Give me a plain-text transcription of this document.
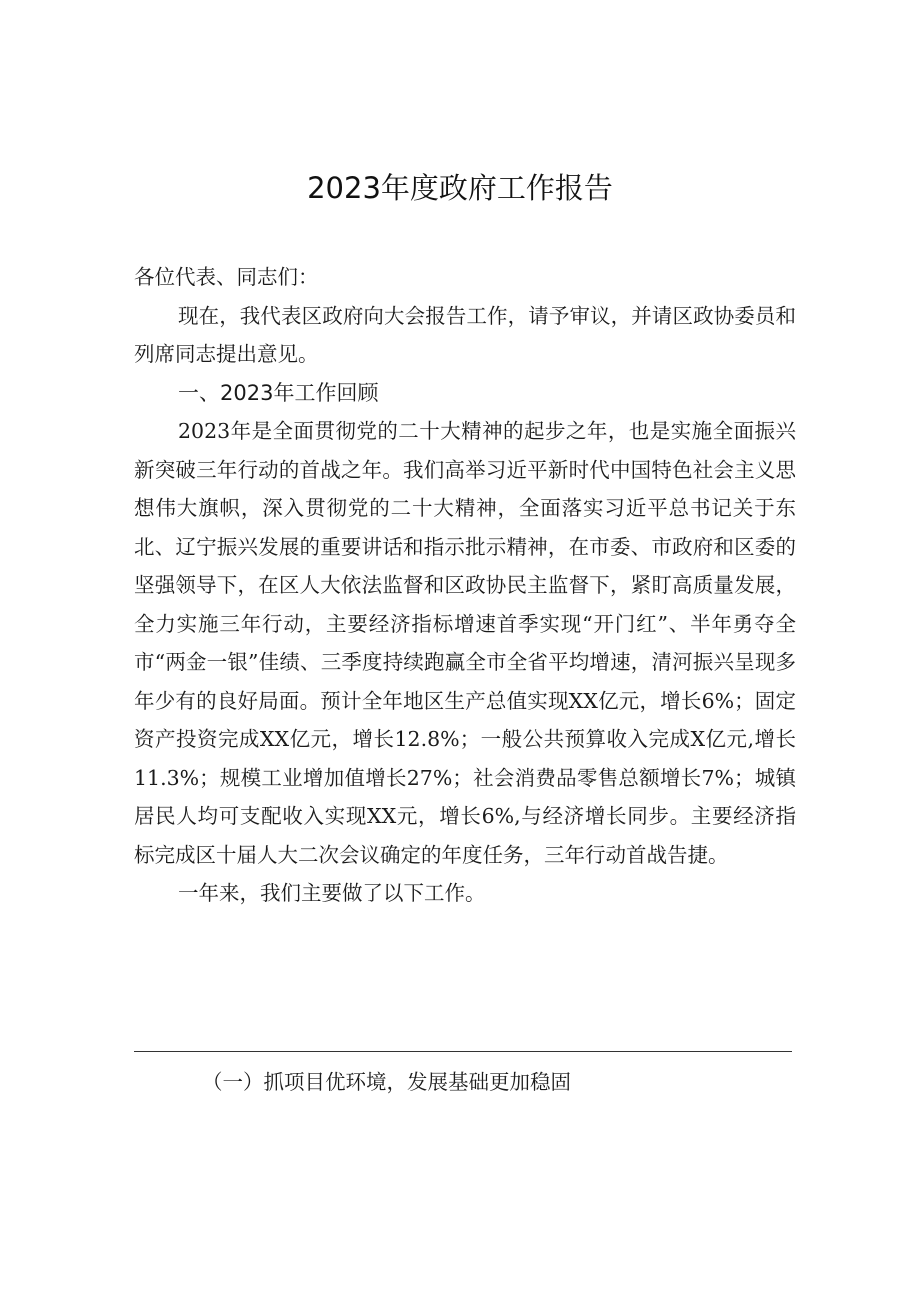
2023年度政府工作报告

各位代表、同志们：

现在，我代表区政府向大会报告工作，请予审议，并请区政协委员和列席同志提出意见。

一、2023年工作回顾

2023年是全面贯彻党的二十大精神的起步之年，也是实施全面振兴新突破三年行动的首战之年。我们高举习近平新时代中国特色社会主义思想伟大旗帜，深入贯彻党的二十大精神，全面落实习近平总书记关于东北、辽宁振兴发展的重要讲话和指示批示精神，在市委、市政府和区委的坚强领导下，在区人大依法监督和区政协民主监督下，紧盯高质量发展，全力实施三年行动，主要经济指标增速首季实现“开门红”、半年勇夺全市“两金一银”佳绩、三季度持续跑赢全市全省平均增速，清河振兴呈现多年少有的良好局面。预计全年地区生产总值实现XX亿元，增长6%；固定资产投资完成XX亿元，增长12.8%；一般公共预算收入完成X亿元,增长11.3%；规模工业增加值增长27%；社会消费品零售总额增长7%；城镇居民人均可支配收入实现XX元，增长6%,与经济增长同步。主要经济指标完成区十届人大二次会议确定的年度任务，三年行动首战告捷。

一年来，我们主要做了以下工作。

（一）抓项目优环境，发展基础更加稳固
